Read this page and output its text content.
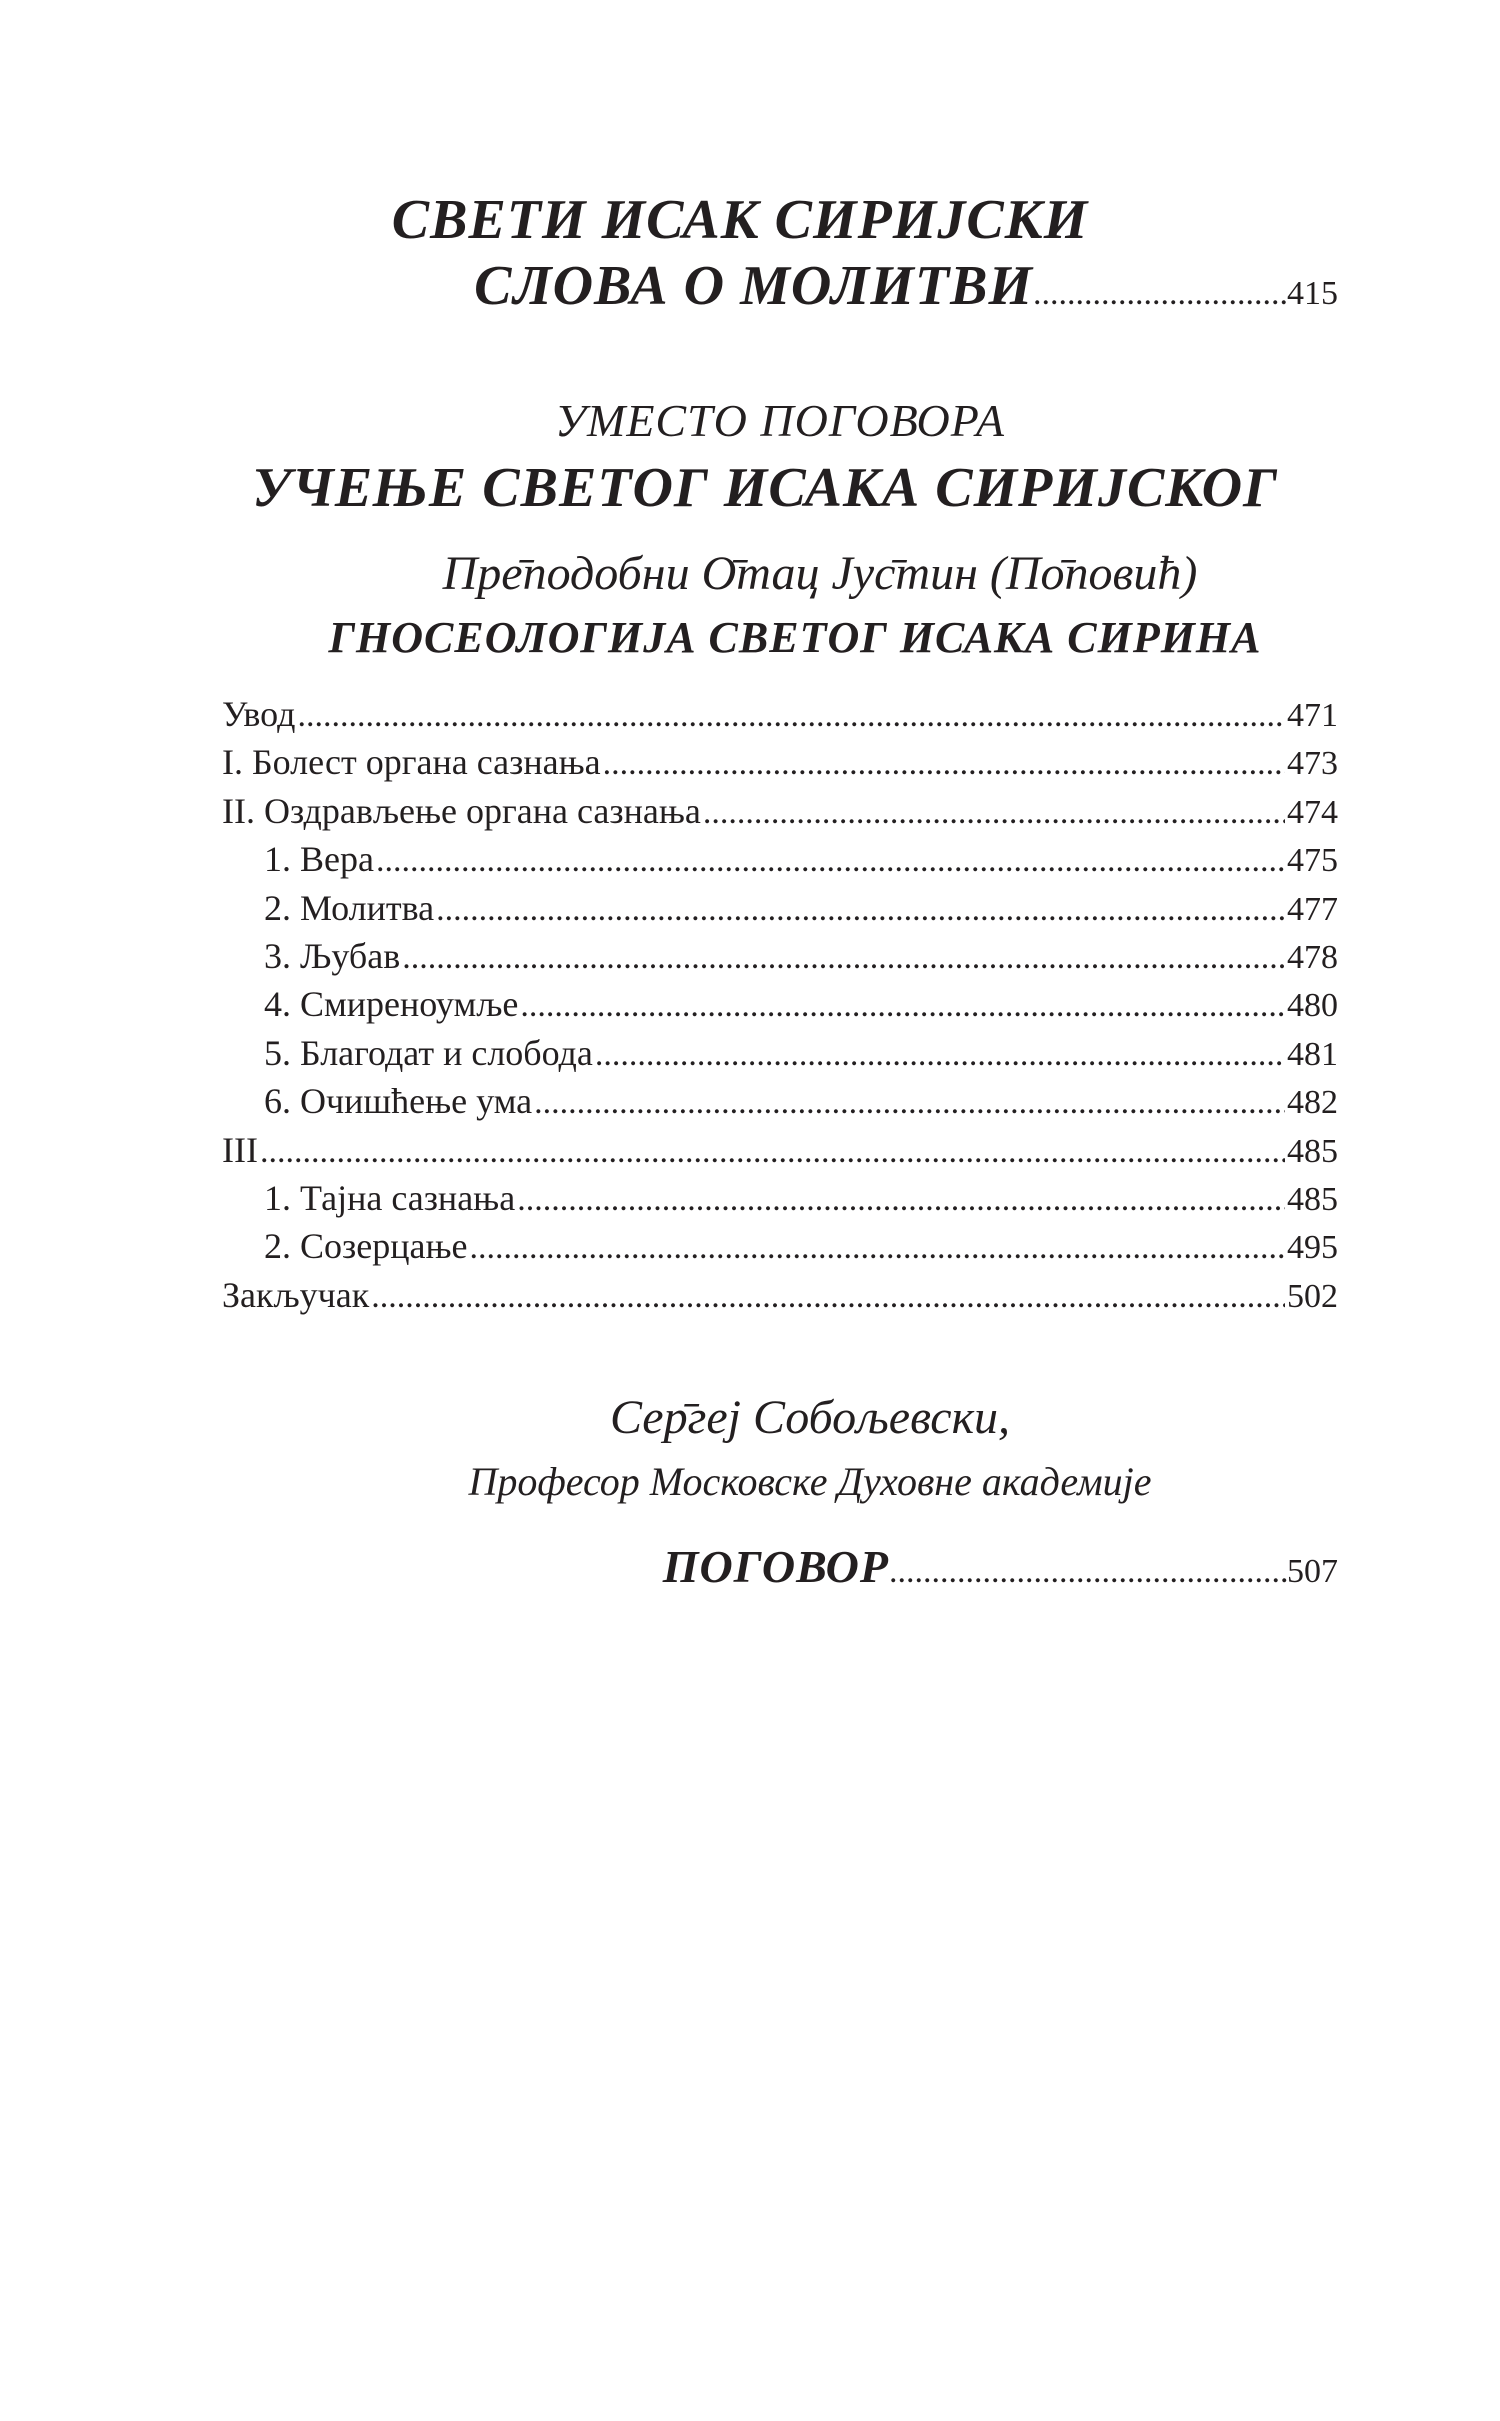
СВЕТИ ИСАК СИРИЈСКИ
СЛОВА О МОЛИТВИ .....	415
УМЕСТО ПОГОВОРА
УЧЕЊЕ СВЕТОГ ИСАКА СИРИЈСКОГ
Пре̄подобни О̄тац Јус̄тин (По̄повић)
ГНОСЕОЛОГИЈА СВЕТОГ ИСАКА СИРИНА
Увод .....	471
I. Болест органа сазнања .....	473
II. Оздрављење органа сазнања .....	474
1. Вера .....	475
2. Молитва .....	477
3. Љубав .....	478
4. Смиреноумље .....	480
5. Благодат и слобода .....	481
6. Очишћење ума .....	482
III .....	485
1. Тајна сазнања .....	485
2. Созерцање .....	495
Закључак .....	502
Сер̄гej Собољевски,
Професор Московске Духовне академије
ПОГОВОР .....	507
